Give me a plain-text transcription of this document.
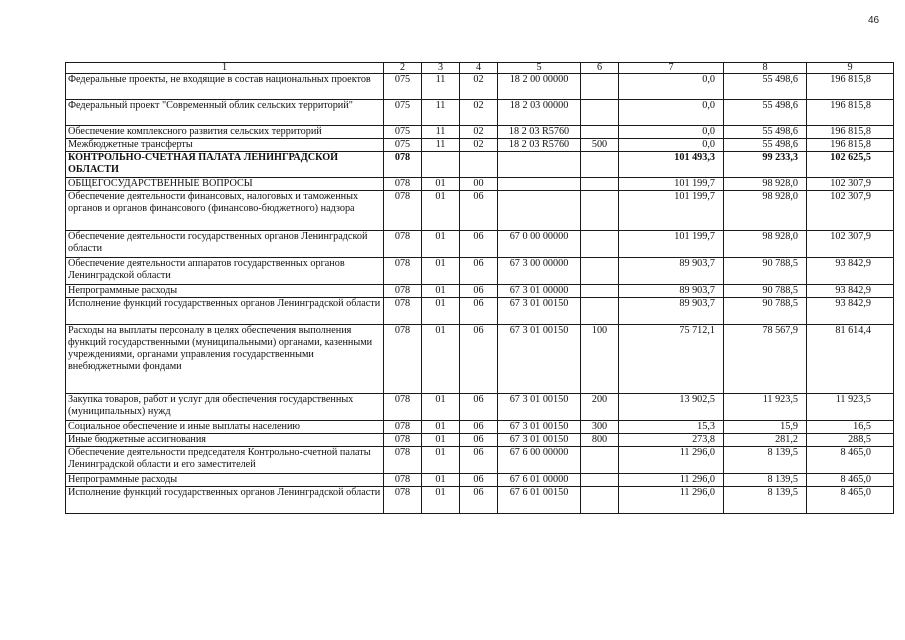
46
1	2	3	4	5	6	7	8	9
Федеральные проекты, не входящие в состав национальных проектов	075	11	02	18 2 00 00000		0,0	55 498,6	196 815,8
Федеральный проект "Современный облик сельских территорий"	075	11	02	18 2 03 00000		0,0	55 498,6	196 815,8
Обеспечение комплексного развития сельских территорий	075	11	02	18 2 03 R5760		0,0	55 498,6	196 815,8
Межбюджетные трансферты	075	11	02	18 2 03 R5760	500	0,0	55 498,6	196 815,8
КОНТРОЛЬНО-СЧЕТНАЯ ПАЛАТА ЛЕНИНГРАДСКОЙ ОБЛАСТИ	078					101 493,3	99 233,3	102 625,5
ОБЩЕГОСУДАРСТВЕННЫЕ ВОПРОСЫ	078	01	00			101 199,7	98 928,0	102 307,9
Обеспечение деятельности финансовых, налоговых и таможенных органов и органов финансового (финансово-бюджетного) надзора	078	01	06			101 199,7	98 928,0	102 307,9
Обеспечение деятельности государственных органов Ленинградской области	078	01	06	67 0 00 00000		101 199,7	98 928,0	102 307,9
Обеспечение деятельности аппаратов государственных органов Ленинградской области	078	01	06	67 3 00 00000		89 903,7	90 788,5	93 842,9
Непрограммные расходы	078	01	06	67 3 01 00000		89 903,7	90 788,5	93 842,9
Исполнение функций государственных органов Ленинградской области	078	01	06	67 3 01 00150		89 903,7	90 788,5	93 842,9
Расходы на выплаты персоналу в целях обеспечения выполнения функций государственными (муниципальными) органами, казенными учреждениями, органами управления государственными внебюджетными фондами	078	01	06	67 3 01 00150	100	75 712,1	78 567,9	81 614,4
Закупка товаров, работ и услуг для обеспечения государственных (муниципальных) нужд	078	01	06	67 3 01 00150	200	13 902,5	11 923,5	11 923,5
Социальное обеспечение и иные выплаты населению	078	01	06	67 3 01 00150	300	15,3	15,9	16,5
Иные бюджетные ассигнования	078	01	06	67 3 01 00150	800	273,8	281,2	288,5
Обеспечение деятельности председателя Контрольно-счетной палаты Ленинградской области и его заместителей	078	01	06	67 6 00 00000		11 296,0	8 139,5	8 465,0
Непрограммные расходы	078	01	06	67 6 01 00000		11 296,0	8 139,5	8 465,0
Исполнение функций государственных органов Ленинградской области	078	01	06	67 6 01 00150		11 296,0	8 139,5	8 465,0
